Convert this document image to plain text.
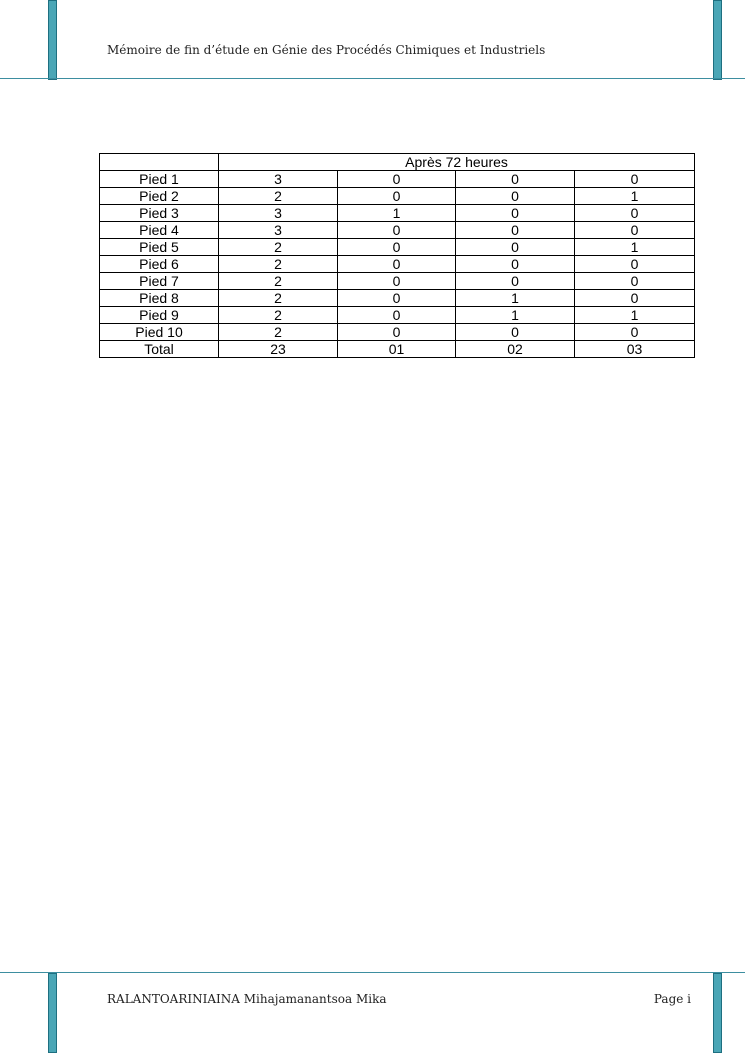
Mémoire de fin d’étude en Génie des Procédés Chimiques et Industriels
	Après 72 heures			
Pied 1	3	0	0	0
Pied 2	2	0	0	1
Pied 3	3	1	0	0
Pied 4	3	0	0	0
Pied 5	2	0	0	1
Pied 6	2	0	0	0
Pied 7	2	0	0	0
Pied 8	2	0	1	0
Pied 9	2	0	1	1
Pied 10	2	0	0	0
Total	23	01	02	03
RALANTOARINIAINA Mihajamanantsoa Mika	Page i
